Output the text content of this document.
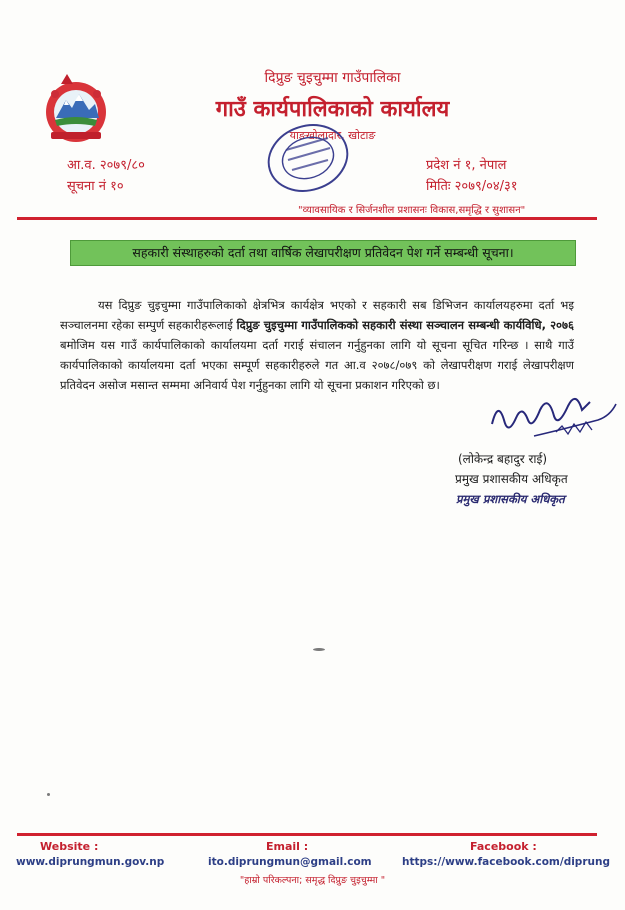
दिप्रुङ चुइचुम्मा गाउँपालिका
गाउँ कार्यपालिकाको कार्यालय
याङखोलादार, खोटाङ
आ.व. २०७९/८०
सूचना नं १०
प्रदेश नं १, नेपाल
मितिः २०७९/०४/३१
"व्यावसायिक र सिर्जनशील प्रशासनः विकास,समृद्धि र सुशासन"
सहकारी संस्थाहरुको दर्ता तथा वार्षिक लेखापरीक्षण प्रतिवेदन पेश गर्ने सम्बन्धी सूचना।
यस दिप्रुङ चुइचुम्मा गाउँपालिकाको क्षेत्रभित्र कार्यक्षेत्र भएको र सहकारी सब डिभिजन कार्यालयहरुमा दर्ता भइ सञ्चालनमा रहेका सम्पुर्ण सहकारीहरूलाई दिप्रुङ चुइचुम्मा गाउँपालिकको सहकारी संस्था सञ्चालन सम्बन्धी कार्यविधि, २०७६ बमोजिम यस गाउँ कार्यपालिकाको कार्यालयमा दर्ता गराई संचालन गर्नुहुनका लागि यो सूचना सूचित गरिन्छ । साथै गाउँ कार्यपालिकाको कार्यालयमा दर्ता भएका सम्पूर्ण सहकारीहरुले गत आ.व २०७८/०७९ को लेखापरीक्षण गराई लेखापरीक्षण प्रतिवेदन असोज मसान्त सम्ममा अनिवार्य पेश गर्नुहुनका लागि यो सूचना प्रकाशन गरिएको छ।
(लोकेन्द्र बहादुर राई)
प्रमुख प्रशासकीय अधिकृत
प्रमुख प्रशासकीय अधिकृत
Website :
www.diprungmun.gov.np
Email :
ito.diprungmun@gmail.com
Facebook :
https://www.facebook.com/diprung
"हाम्रो परिकल्पना; समृद्ध दिप्रुङ चुइचुम्मा "
